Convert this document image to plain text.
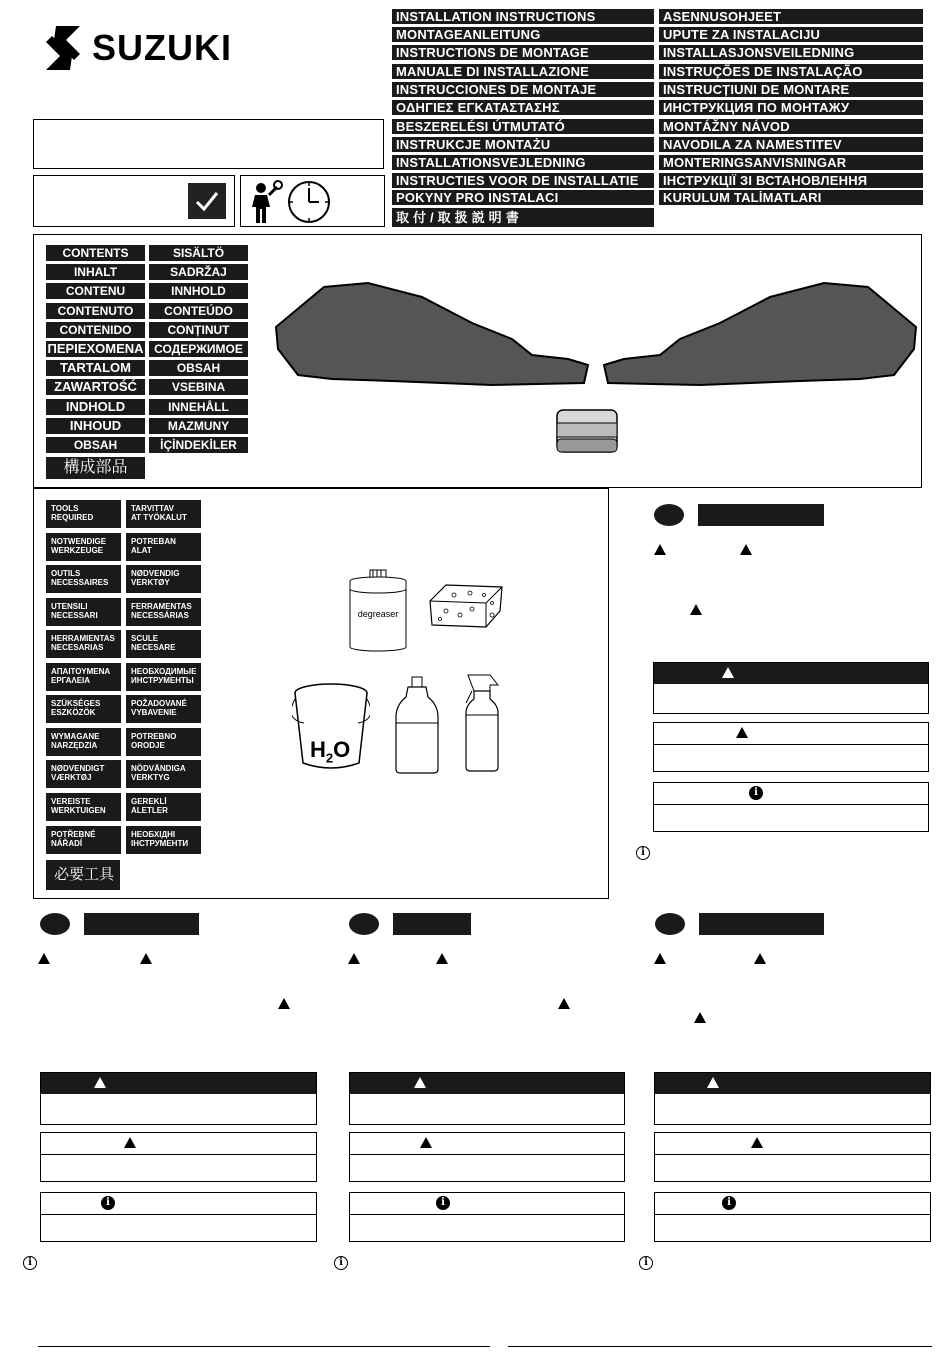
SUZUKI
INSTALLATION INSTRUCTIONS
MONTAGEANLEITUNG
INSTRUCTIONS DE MONTAGE
MANUALE DI INSTALLAZIONE
INSTRUCCIONES DE MONTAJE
ΟΔΗΓΙΕΣ ΕΓΚΑΤΑΣΤΑΣΗΣ
BESZERELÉSI ÚTMUTATÓ
INSTRUKCJE MONTAŻU
INSTALLATIONSVEJLEDNING
INSTRUCTIES VOOR DE INSTALLATIE
POKYNY PRO INSTALACI
取 付 / 取 扱 説 明 書
ASENNUSOHJEET
UPUTE ZA INSTALACIJU
INSTALLASJONSVEILEDNING
INSTRUÇÕES DE INSTALAÇÃO
INSTRUCȚIUNI DE MONTARE
ИНСТРУКЦИЯ ПО МОНТАЖУ
MONTÁŽNY NÁVOD
NAVODILA ZA NAMESTITEV
MONTERINGSANVISNINGAR
ІНСТРУКЦІЇ ЗІ ВСТАНОВЛЕННЯ
KURULUM TALİMATLARI
CONTENTS
INHALT
CONTENU
CONTENUTO
CONTENIDO
ΠΕΡΙΕΧΟΜΕΝΑ
TARTALOM
ZAWARTOŚĆ
INDHOLD
INHOUD
OBSAH
構成部品
SISÄLTÖ
SADRŽAJ
INNHOLD
CONTEÚDO
CONȚINUT
СОДЕРЖИМОЕ
OBSAH
VSEBINA
INNEHÅLL
MAZMUNY
İÇİNDEKİLER
TOOLS
REQUIRED
NOTWENDIGE
WERKZEUGE
OUTILS
NECESSAIRES
UTENSILI
NECESSARI
HERRAMIENTAS
NECESARIAS
ΑΠΑΙΤΟΥΜΕΝΑ
ΕΡΓΑΛΕΙΑ
SZÜKSÉGES
ESZKÖZÖK
WYMAGANE
NARZĘDZIA
NØDVENDIGT
VÆRKTØJ
VEREISTE
WERKTUIGEN
POTŘEBNÉ
NÁŘADÍ
必要工具
TARVITTAV
AT TYÖKALUT
POTREBAN
ALAT
NØDVENDIG
VERKTØY
FERRAMENTAS
NECESSÁRIAS
SCULE
NECESARE
НЕОБХОДИМЫЕ
ИНСТРУМЕНТЫ
POŽADOVANÉ
VYBAVENIE
POTREBNO
ORODJE
NÖDVÄNDIGA
VERKTYG
GEREKLİ
ALETLER
НЕОБХІДНІ
ІНСТРУМЕНТИ
degreaser
$H_2O$
i
i
i
i
i
i
i
i
